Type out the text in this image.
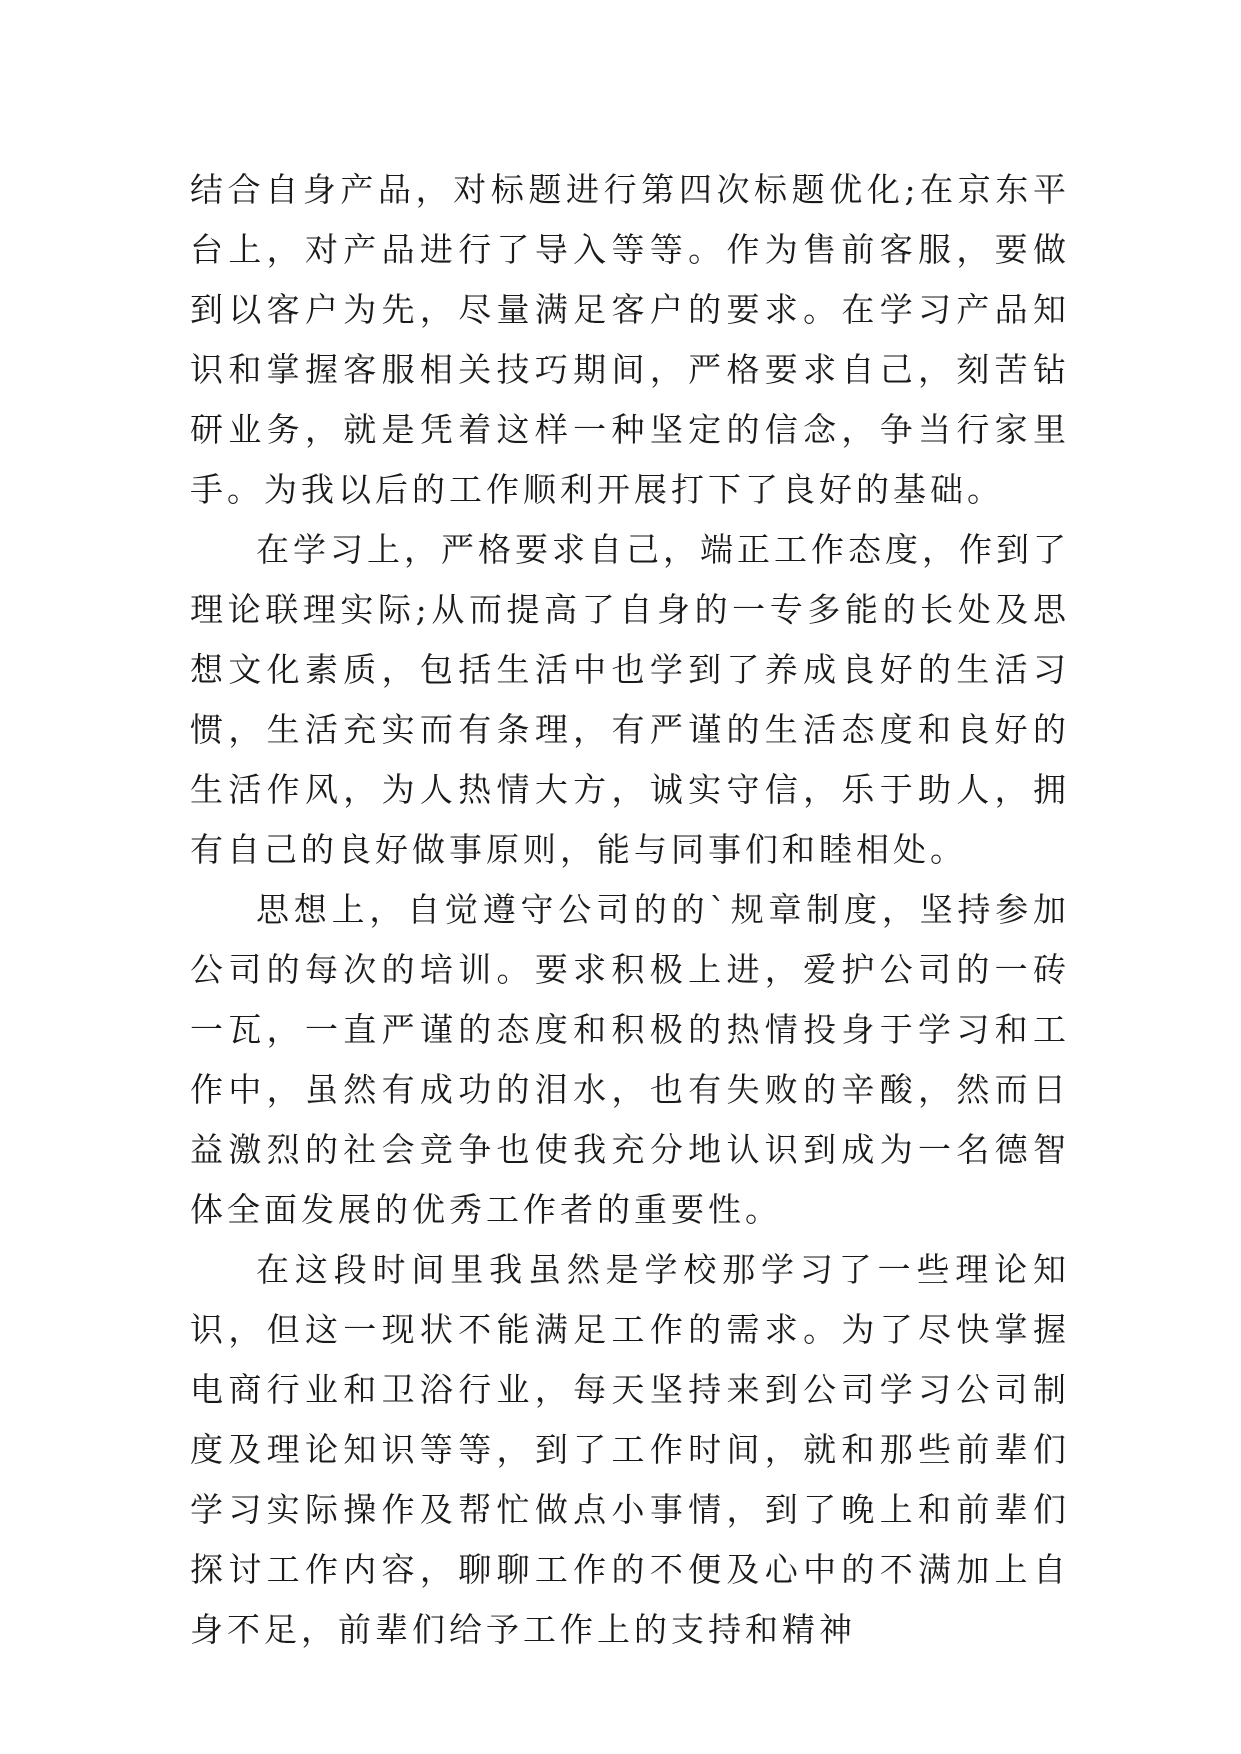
结合自身产品，对标题进行第四次标题优化;在京东平台上，对产品进行了导入等等。作为售前客服，要做到以客户为先，尽量满足客户的要求。在学习产品知识和掌握客服相关技巧期间，严格要求自己，刻苦钻研业务，就是凭着这样一种坚定的信念，争当行家里手。为我以后的工作顺利开展打下了良好的基础。

在学习上，严格要求自己，端正工作态度，作到了理论联理实际;从而提高了自身的一专多能的长处及思想文化素质，包括生活中也学到了养成良好的生活习惯，生活充实而有条理，有严谨的生活态度和良好的生活作风，为人热情大方，诚实守信，乐于助人，拥有自己的良好做事原则，能与同事们和睦相处。

思想上，自觉遵守公司的的`规章制度，坚持参加公司的每次的培训。要求积极上进，爱护公司的一砖一瓦，一直严谨的态度和积极的热情投身于学习和工作中，虽然有成功的泪水，也有失败的辛酸，然而日益激烈的社会竞争也使我充分地认识到成为一名德智体全面发展的优秀工作者的重要性。

在这段时间里我虽然是学校那学习了一些理论知识，但这一现状不能满足工作的需求。为了尽快掌握电商行业和卫浴行业，每天坚持来到公司学习公司制度及理论知识等等，到了工作时间，就和那些前辈们学习实际操作及帮忙做点小事情，到了晚上和前辈们探讨工作内容，聊聊工作的不便及心中的不满加上自身不足，前辈们给予工作上的支持和精神
